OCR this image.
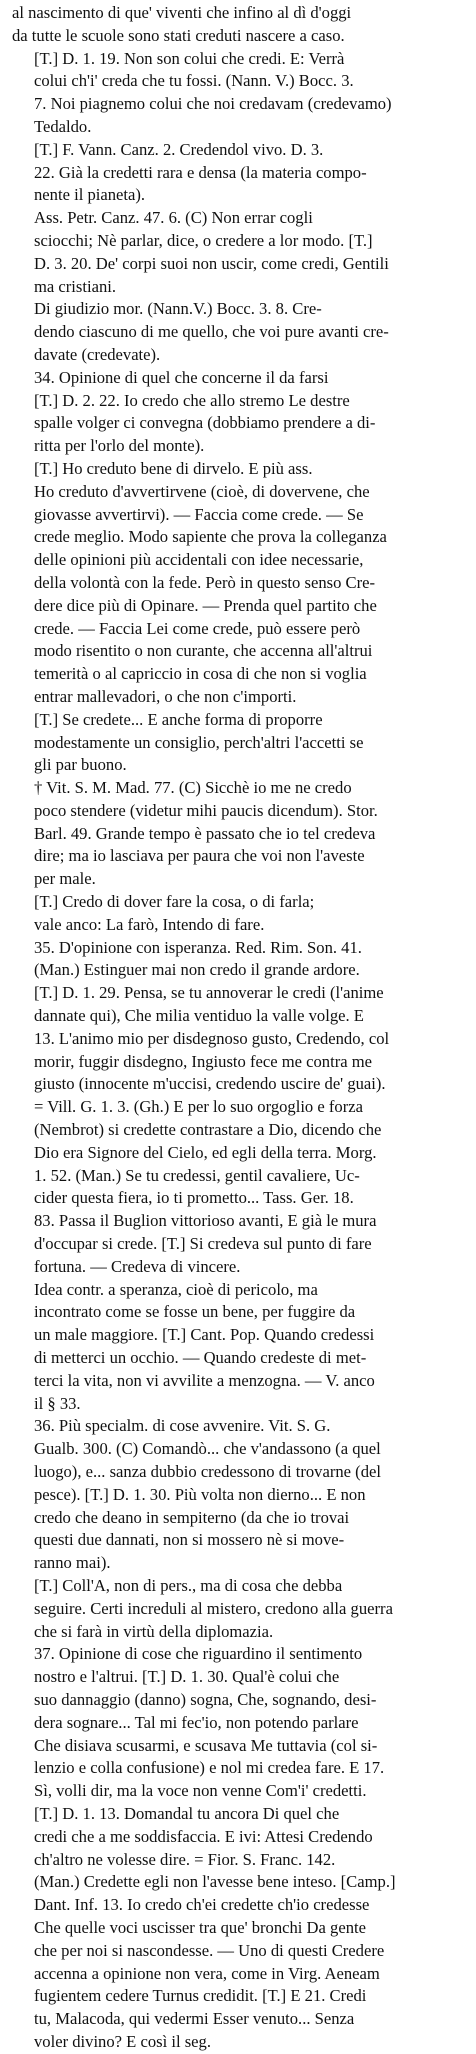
al nascimento di que' viventi che infino al dì d'oggi
da tutte le scuole sono stati creduti nascere a caso.
[T.] D. 1. 19. Non son colui che credi. E: Verrà
colui ch'i' creda che tu fossi. (Nann. V.) Bocc. 3.
7. Noi piagnemo colui che noi credavam (credevamo)
Tedaldo.
[T.] F. Vann. Canz. 2. Credendol vivo. D. 3.
22. Già la credetti rara e densa (la materia compo-
nente il pianeta).
Ass. Petr. Canz. 47. 6. (C) Non errar cogli
sciocchi; Nè parlar, dice, o credere a lor modo. [T.]
D. 3. 20. De' corpi suoi non uscir, come credi, Gentili
ma cristiani.
Di giudizio mor. (Nann.V.) Bocc. 3. 8. Cre-
dendo ciascuno di me quello, che voi pure avanti cre-
davate (credevate).
34. Opinione di quel che concerne il da farsi
[T.] D. 2. 22. Io credo che allo stremo Le destre
spalle volger ci convegna (dobbiamo prendere a di-
ritta per l'orlo del monte).
[T.] Ho creduto bene di dirvelo. E più ass.
Ho creduto d'avvertirvene (cioè, di dovervene, che
giovasse avvertirvi). — Faccia come crede. — Se
crede meglio. Modo sapiente che prova la colleganza
delle opinioni più accidentali con idee necessarie,
della volontà con la fede. Però in questo senso Cre-
dere dice più di Opinare. — Prenda quel partito che
crede. — Faccia Lei come crede, può essere però
modo risentito o non curante, che accenna all'altrui
temerità o al capriccio in cosa di che non si voglia
entrar mallevadori, o che non c'importi.
[T.] Se credete... E anche forma di proporre
modestamente un consiglio, perch'altri l'accetti se
gli par buono.
† Vit. S. M. Mad. 77. (C) Sicchè io me ne credo
poco stendere (videtur mihi paucis dicendum). Stor.
Barl. 49. Grande tempo è passato che io tel credeva
dire; ma io lasciava per paura che voi non l'aveste
per male.
[T.] Credo di dover fare la cosa, o di farla;
vale anco: La farò, Intendo di fare.
35. D'opinione con isperanza. Red. Rim. Son. 41.
(Man.) Estinguer mai non credo il grande ardore.
[T.] D. 1. 29. Pensa, se tu annoverar le credi (l'anime
dannate qui), Che milia ventiduo la valle volge. E
13. L'animo mio per disdegnoso gusto, Credendo, col
morir, fuggir disdegno, Ingiusto fece me contra me
giusto (innocente m'uccisi, credendo uscire de' guai).
= Vill. G. 1. 3. (Gh.) E per lo suo orgoglio e forza
(Nembrot) si credette contrastare a Dio, dicendo che
Dio era Signore del Cielo, ed egli della terra. Morg.
1. 52. (Man.) Se tu credessi, gentil cavaliere, Uc-
cider questa fiera, io ti prometto... Tass. Ger. 18.
83. Passa il Buglion vittorioso avanti, E già le mura
d'occupar si crede. [T.] Si credeva sul punto di fare
fortuna. — Credeva di vincere.
Idea contr. a speranza, cioè di pericolo, ma
incontrato come se fosse un bene, per fuggire da
un male maggiore. [T.] Cant. Pop. Quando credessi
di metterci un occhio. — Quando credeste di met-
terci la vita, non vi avvilite a menzogna. — V. anco
il § 33.
36. Più specialm. di cose avvenire. Vit. S. G.
Gualb. 300. (C) Comandò... che v'andassono (a quel
luogo), e... sanza dubbio credessono di trovarne (del
pesce). [T.] D. 1. 30. Più volta non dierno... E non
credo che deano in sempiterno (da che io trovai
questi due dannati, non si mossero nè si move-
ranno mai).
[T.] Coll'A, non di pers., ma di cosa che debba
seguire. Certi increduli al mistero, credono alla guerra
che si farà in virtù della diplomazia.
37. Opinione di cose che riguardino il sentimento
nostro e l'altrui. [T.] D. 1. 30. Qual'è colui che
suo dannaggio (danno) sogna, Che, sognando, desi-
dera sognare... Tal mi fec'io, non potendo parlare
Che disiava scusarmi, e scusava Me tuttavia (col si-
lenzio e colla confusione) e nol mi credea fare. E 17.
Sì, volli dir, ma la voce non venne Com'i' credetti.
[T.] D. 1. 13. Domandal tu ancora Di quel che
credi che a me soddisfaccia. E ivi: Attesi Credendo
ch'altro ne volesse dire. = Fior. S. Franc. 142.
(Man.) Credette egli non l'avesse bene inteso. [Camp.]
Dant. Inf. 13. Io credo ch'ei credette ch'io credesse
Che quelle voci uscisser tra que' bronchi Da gente
che per noi si nascondesse. — Uno di questi Credere
accenna a opinione non vera, come in Virg. Aeneam
fugientem cedere Turnus credidit. [T.] E 21. Credi
tu, Malacoda, qui vedermi Esser venuto... Senza
voler divino? E così il seg.
